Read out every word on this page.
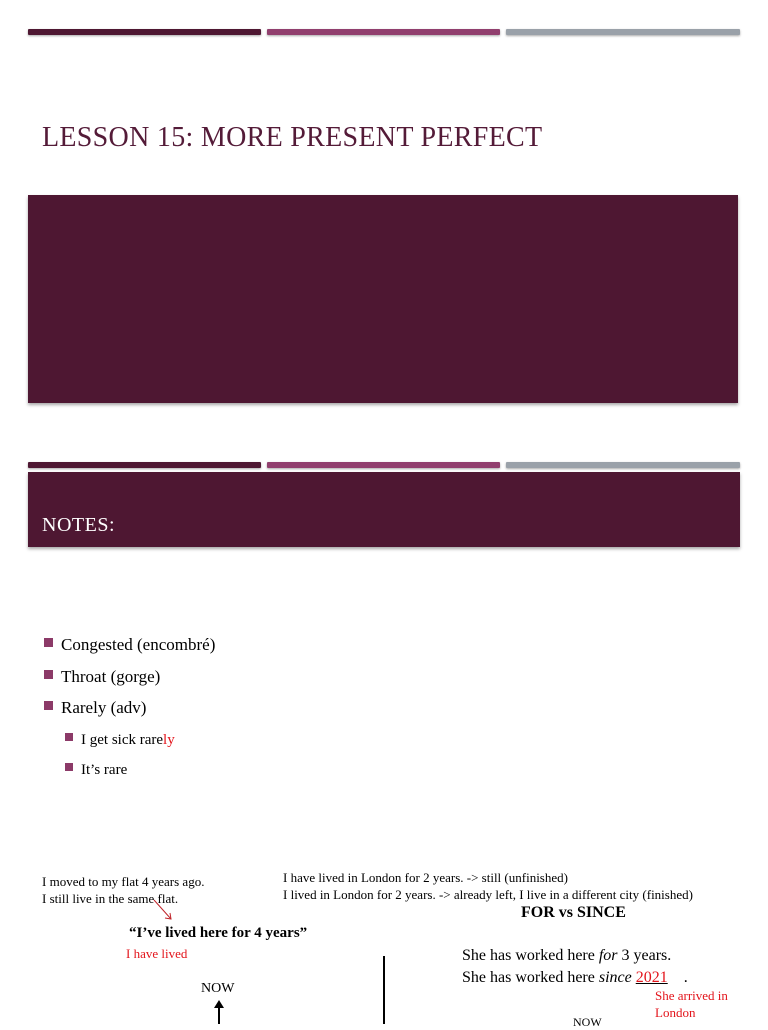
LESSON 15: MORE PRESENT PERFECT
NOTES:
Congested (encombré)
Throat (gorge)
Rarely (adv)
I get sick rarely
It’s rare
I moved to my flat 4 years ago.
I still live in the same flat.
“I’ve lived here for 4 years”
I have lived
NOW
I have lived in London for 2 years. -> still (unfinished)
I lived in London for 2 years. -> already left, I live in a different city (finished)
FOR vs SINCE
She has worked here for 3 years.
She has worked here since 2021 .
She arrived in
London
NOW
